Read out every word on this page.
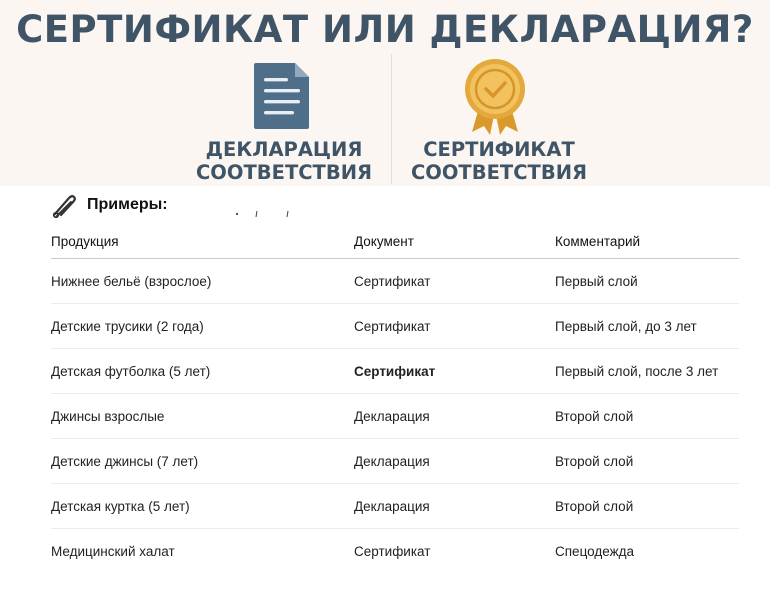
СЕРТИФИКАТ ИЛИ ДЕКЛАРАЦИЯ?
ДЕКЛАРАЦИЯ
СООТВЕТСТВИЯ
СЕРТИФИКАТ
СООТВЕТСТВИЯ
Примеры:
Продукция	Документ	Комментарий
Нижнее бельё (взрослое)	Сертификат	Первый слой
Детские трусики (2 года)	Сертификат	Первый слой, до 3 лет
Детская футболка (5 лет)	Сертификат	Первый слой, после 3 лет
Джинсы взрослые	Декларация	Второй слой
Детские джинсы (7 лет)	Декларация	Второй слой
Детская куртка (5 лет)	Декларация	Второй слой
Медицинский халат	Сертификат	Спецодежда
